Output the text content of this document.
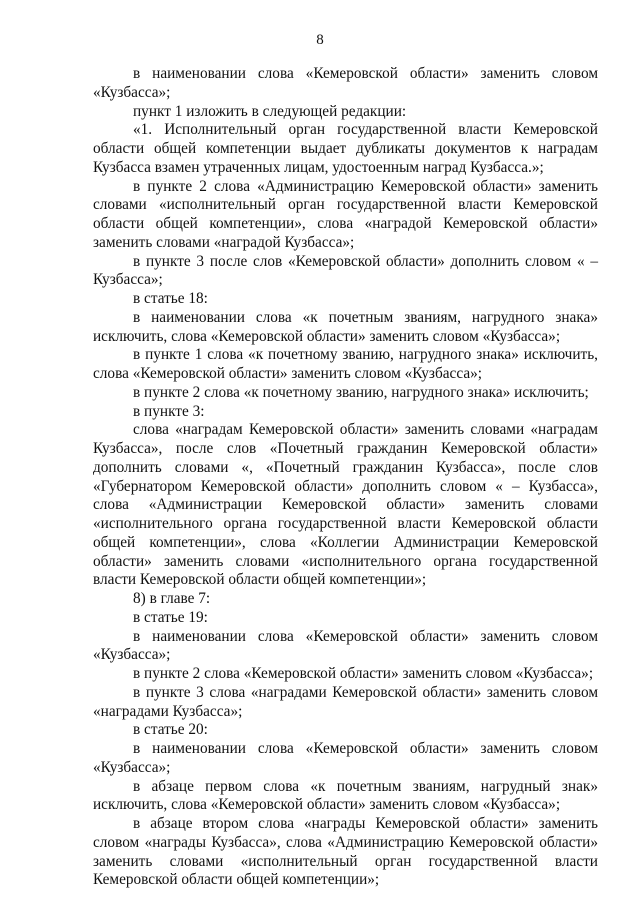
8

в наименовании слова «Кемеровской области» заменить словом «Кузбасса»;

пункт 1 изложить в следующей редакции:

«1. Исполнительный орган государственной власти Кемеровской области общей компетенции выдает дубликаты документов к наградам Кузбасса взамен утраченных лицам, удостоенным наград Кузбасса.»;

в пункте 2 слова «Администрацию Кемеровской области» заменить словами «исполнительный орган государственной власти Кемеровской области общей компетенции», слова «наградой Кемеровской области» заменить словами «наградой Кузбасса»;

в пункте 3 после слов «Кемеровской области» дополнить словом « – Кузбасса»;

в статье 18:

в наименовании слова «к почетным званиям, нагрудного знака» исключить, слова «Кемеровской области» заменить словом «Кузбасса»;

в пункте 1 слова «к почетному званию, нагрудного знака» исключить, слова «Кемеровской области» заменить словом «Кузбасса»;

в пункте 2 слова «к почетному званию, нагрудного знака» исключить;

в пункте 3:

слова «наградам Кемеровской области» заменить словами «наградам Кузбасса», после слов «Почетный гражданин Кемеровской области» дополнить словами «, «Почетный гражданин Кузбасса», после слов «Губернатором Кемеровской области» дополнить словом « – Кузбасса», слова «Администрации Кемеровской области» заменить словами «исполнительного органа государственной власти Кемеровской области общей компетенции», слова «Коллегии Администрации Кемеровской области» заменить словами «исполнительного органа государственной власти Кемеровской области общей компетенции»;

8) в главе 7:

в статье 19:

в наименовании слова «Кемеровской области» заменить словом «Кузбасса»;

в пункте 2 слова «Кемеровской области» заменить словом «Кузбасса»;

в пункте 3 слова «наградами Кемеровской области» заменить словом «наградами Кузбасса»;

в статье 20:

в наименовании слова «Кемеровской области» заменить словом «Кузбасса»;

в абзаце первом слова «к почетным званиям, нагрудный знак» исключить, слова «Кемеровской области» заменить словом «Кузбасса»;

в абзаце втором слова «награды Кемеровской области» заменить словом «награды Кузбасса», слова «Администрацию Кемеровской области» заменить словами «исполнительный орган государственной власти Кемеровской области общей компетенции»;
